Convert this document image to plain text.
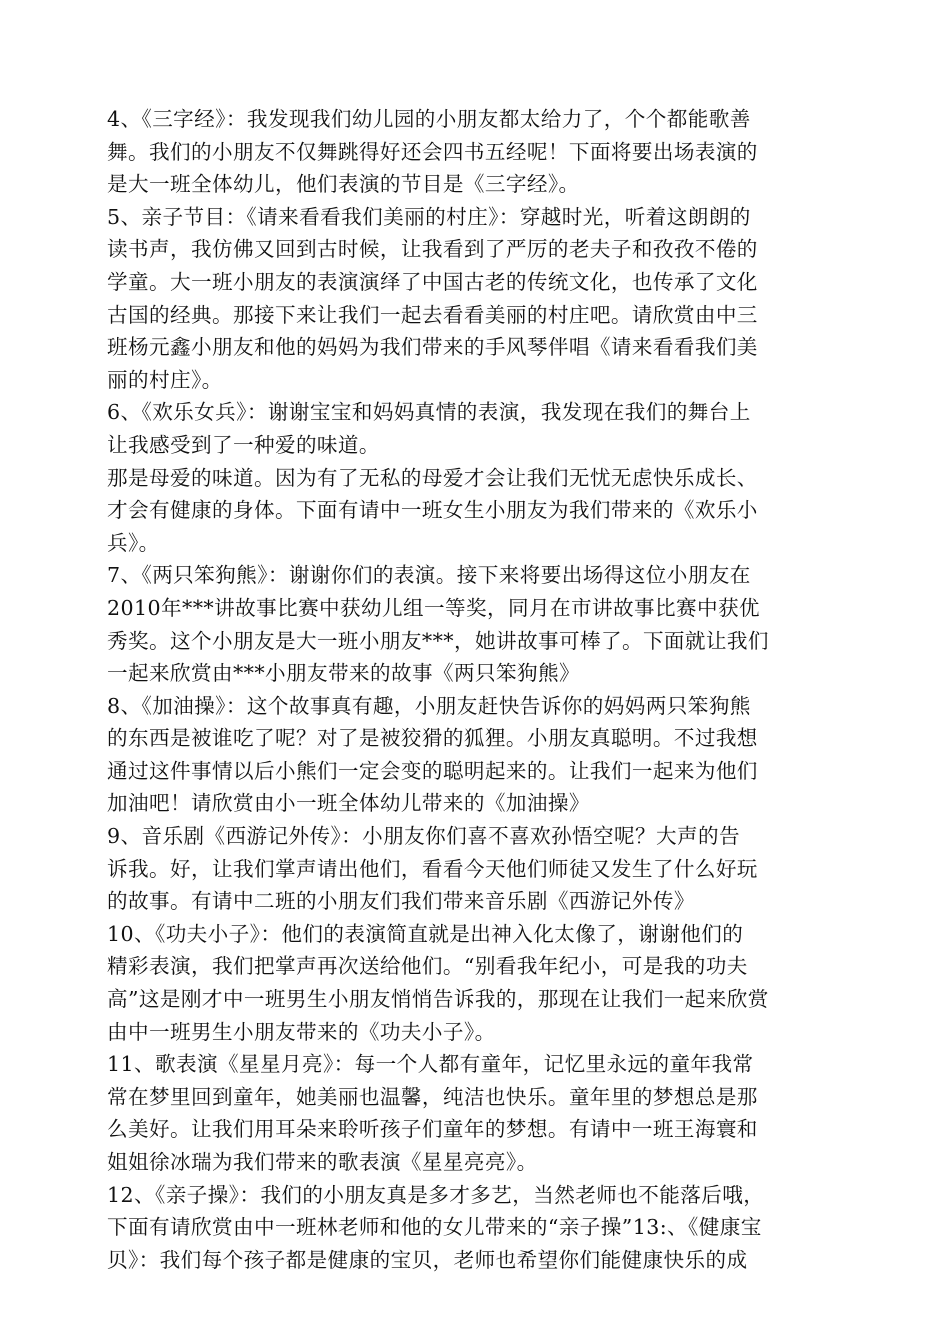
4、《三字经》：我发现我们幼儿园的小朋友都太给力了，个个都能歌善
舞。我们的小朋友不仅舞跳得好还会四书五经呢！下面将要出场表演的
是大一班全体幼儿，他们表演的节目是《三字经》。
5、亲子节目：《请来看看我们美丽的村庄》：穿越时光，听着这朗朗的
读书声，我仿佛又回到古时候，让我看到了严厉的老夫子和孜孜不倦的
学童。大一班小朋友的表演演绎了中国古老的传统文化，也传承了文化
古国的经典。那接下来让我们一起去看看美丽的村庄吧。请欣赏由中三
班杨元鑫小朋友和他的妈妈为我们带来的手风琴伴唱《请来看看我们美
丽的村庄》。
6、《欢乐女兵》：谢谢宝宝和妈妈真情的表演，我发现在我们的舞台上
让我感受到了一种爱的味道。
那是母爱的味道。因为有了无私的母爱才会让我们无忧无虑快乐成长、
才会有健康的身体。下面有请中一班女生小朋友为我们带来的《欢乐小
兵》。
7、《两只笨狗熊》：谢谢你们的表演。接下来将要出场得这位小朋友在
2010年***讲故事比赛中获幼儿组一等奖，同月在市讲故事比赛中获优
秀奖。这个小朋友是大一班小朋友***，她讲故事可棒了。下面就让我们
一起来欣赏由***小朋友带来的故事《两只笨狗熊》
8、《加油操》：这个故事真有趣，小朋友赶快告诉你的妈妈两只笨狗熊
的东西是被谁吃了呢？对了是被狡猾的狐狸。小朋友真聪明。不过我想
通过这件事情以后小熊们一定会变的聪明起来的。让我们一起来为他们
加油吧！请欣赏由小一班全体幼儿带来的《加油操》
9、音乐剧《西游记外传》：小朋友你们喜不喜欢孙悟空呢？大声的告
诉我。好，让我们掌声请出他们，看看今天他们师徒又发生了什么好玩
的故事。有请中二班的小朋友们我们带来音乐剧《西游记外传》
10、《功夫小子》：他们的表演简直就是出神入化太像了，谢谢他们的
精彩表演，我们把掌声再次送给他们。“别看我年纪小，可是我的功夫
高”这是刚才中一班男生小朋友悄悄告诉我的，那现在让我们一起来欣赏
由中一班男生小朋友带来的《功夫小子》。
11、歌表演《星星月亮》：每一个人都有童年，记忆里永远的童年我常
常在梦里回到童年，她美丽也温馨，纯洁也快乐。童年里的梦想总是那
么美好。让我们用耳朵来聆听孩子们童年的梦想。有请中一班王海寰和
姐姐徐冰瑞为我们带来的歌表演《星星亮亮》。
12、《亲子操》：我们的小朋友真是多才多艺，当然老师也不能落后哦，
下面有请欣赏由中一班林老师和他的女儿带来的“亲子操”13:、《健康宝
贝》：我们每个孩子都是健康的宝贝，老师也希望你们能健康快乐的成
